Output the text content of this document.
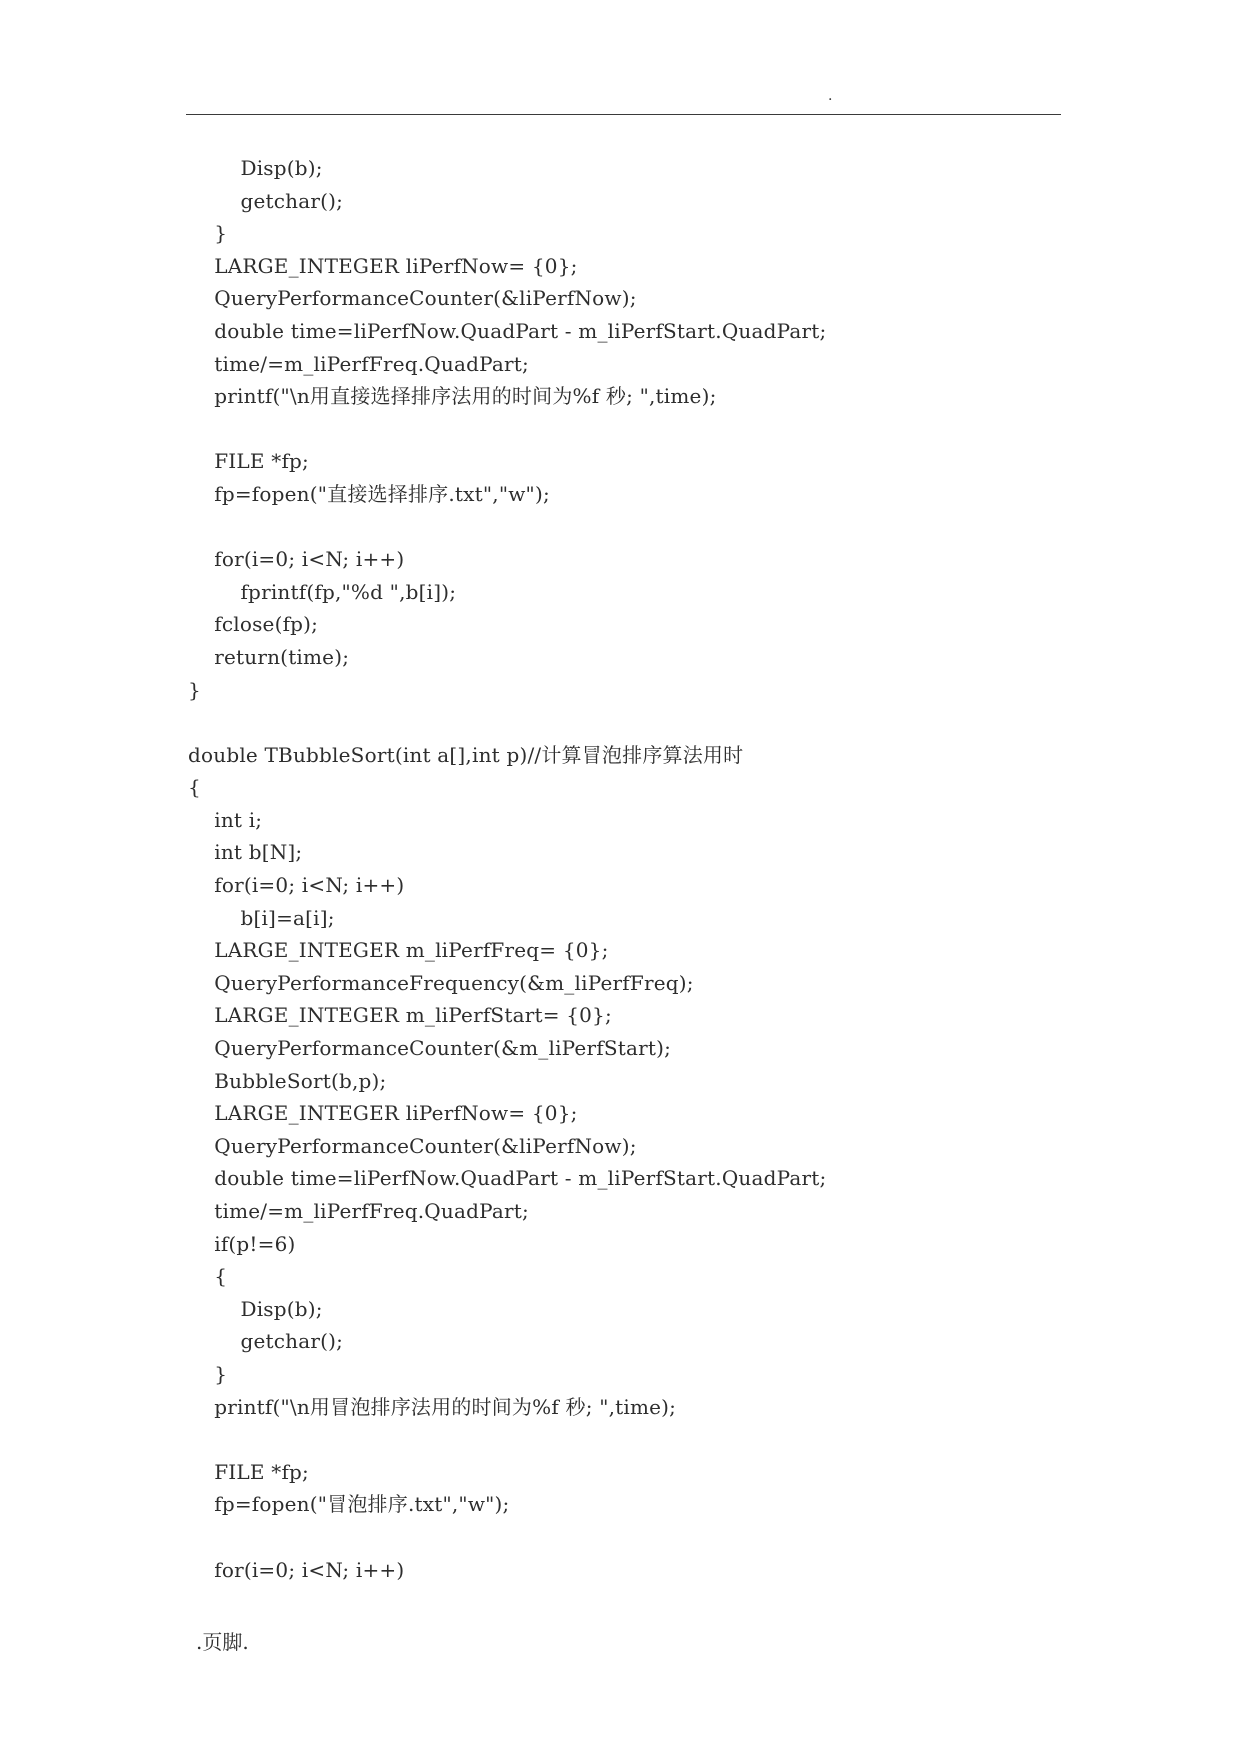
.
Disp(b);
getchar();
}
LARGE_INTEGER liPerfNow= {0};
QueryPerformanceCounter(&liPerfNow);
double time=liPerfNow.QuadPart - m_liPerfStart.QuadPart;
time/=m_liPerfFreq.QuadPart;
printf("\n用直接选择排序法用的时间为%f 秒; ",time);
FILE *fp;
fp=fopen("直接选择排序.txt","w");
for(i=0; i<N; i++)
fprintf(fp,"%d ",b[i]);
fclose(fp);
return(time);
}
double TBubbleSort(int a[],int p)//计算冒泡排序算法用时
{
int i;
int b[N];
for(i=0; i<N; i++)
b[i]=a[i];
LARGE_INTEGER m_liPerfFreq= {0};
QueryPerformanceFrequency(&m_liPerfFreq);
LARGE_INTEGER m_liPerfStart= {0};
QueryPerformanceCounter(&m_liPerfStart);
BubbleSort(b,p);
LARGE_INTEGER liPerfNow= {0};
QueryPerformanceCounter(&liPerfNow);
double time=liPerfNow.QuadPart - m_liPerfStart.QuadPart;
time/=m_liPerfFreq.QuadPart;
if(p!=6)
{
Disp(b);
getchar();
}
printf("\n用冒泡排序法用的时间为%f 秒; ",time);
FILE *fp;
fp=fopen("冒泡排序.txt","w");
for(i=0; i<N; i++)
.页脚.
